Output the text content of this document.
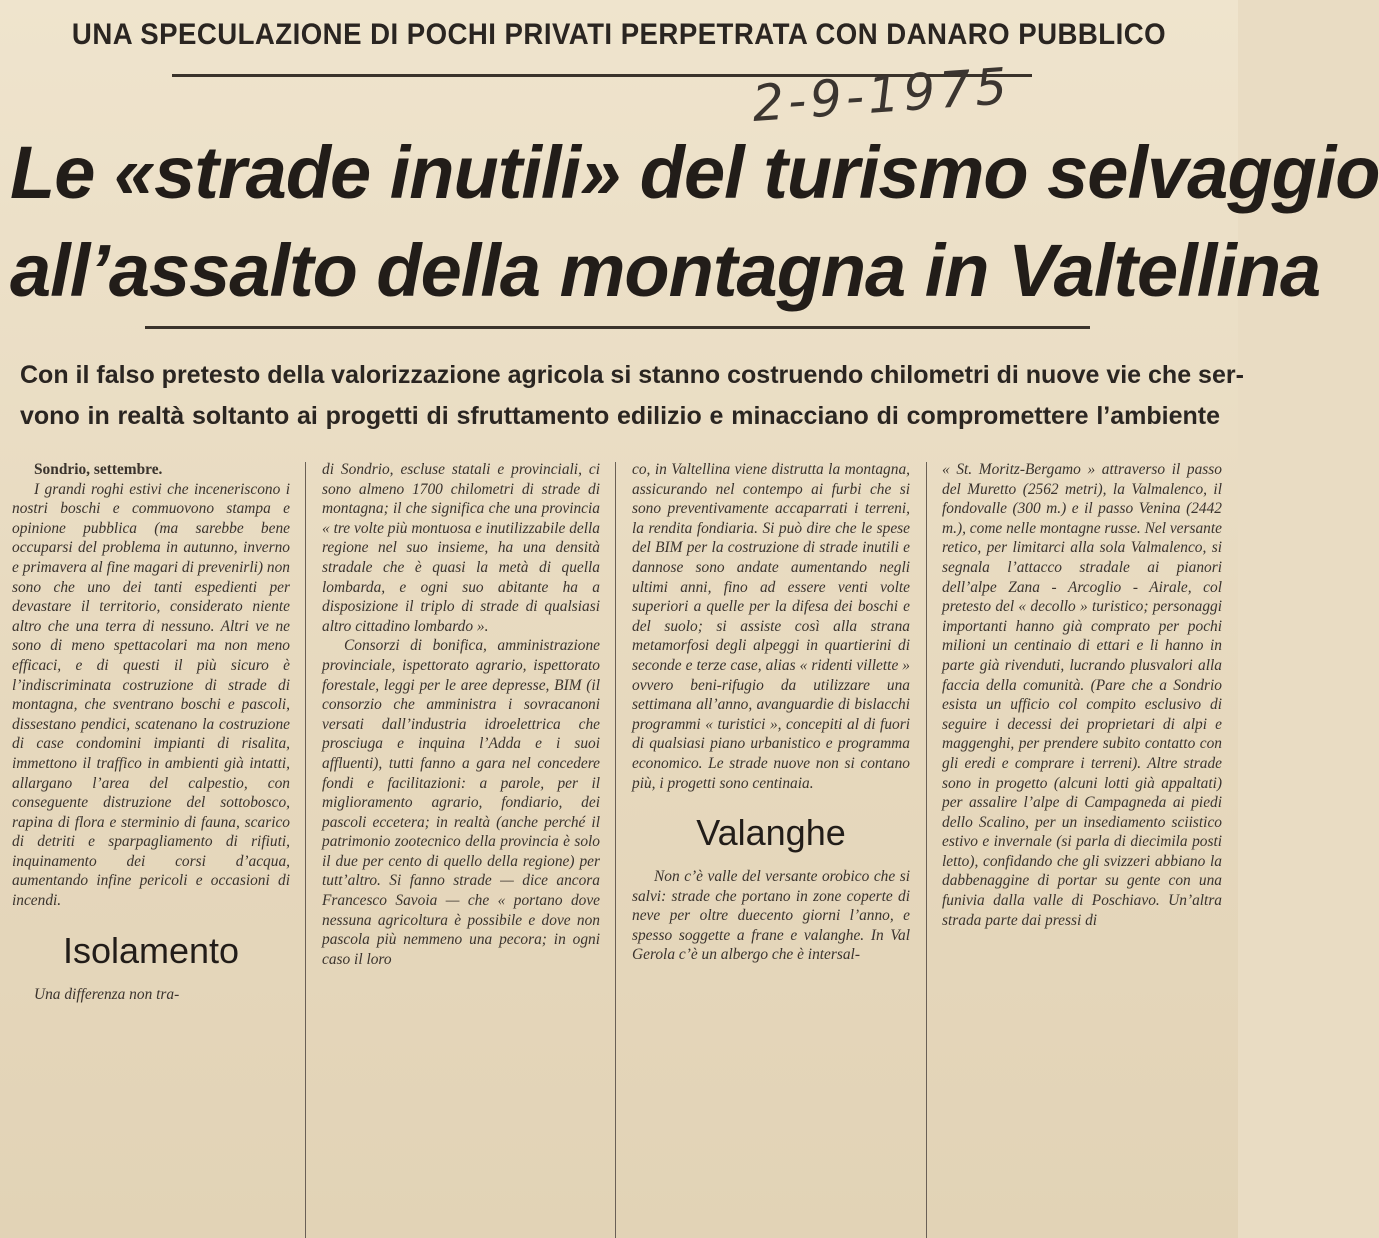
UNA SPECULAZIONE DI POCHI PRIVATI PERPETRATA CON DANARO PUBBLICO
2-9-1975
Le «strade inutili» del turismo selvaggio
all’assalto della montagna in Valtellina
Con il falso pretesto della valorizzazione agricola si stanno costruendo chilometri di nuove vie che ser-
vono in realtà soltanto ai progetti di sfruttamento edilizio e minacciano di compromettere l’ambiente

Sondrio, settembre.

I grandi roghi estivi che inceneriscono i nostri boschi e commuovono stampa e opinione pubblica (ma sarebbe bene occuparsi del problema in autunno, inverno e primavera al fine magari di prevenirli) non sono che uno dei tanti espedienti per devastare il territorio, considerato niente altro che una terra di nessuno. Altri ve ne sono di meno spettacolari ma non meno efficaci, e di questi il più sicuro è l’indiscriminata costruzione di strade di montagna, che sventrano boschi e pascoli, dissestano pendici, scatenano la costruzione di case condomini impianti di risalita, immettono il traffico in ambienti già intatti, allargano l’area del calpestio, con conseguente distruzione del sottobosco, rapina di flora e sterminio di fauna, scarico di detriti e sparpagliamento di rifiuti, inquinamento dei corsi d’acqua, aumentando infine pericoli e occasioni di incendi.

Isolamento

Una differenza non tra-

di Sondrio, escluse statali e provinciali, ci sono almeno 1700 chilometri di strade di montagna; il che significa che una provincia « tre volte più montuosa e inutilizzabile della regione nel suo insieme, ha una densità stradale che è quasi la metà di quella lombarda, e ogni suo abitante ha a disposizione il triplo di strade di qualsiasi altro cittadino lombardo ».

Consorzi di bonifica, amministrazione provinciale, ispettorato agrario, ispettorato forestale, leggi per le aree depresse, BIM (il consorzio che amministra i sovracanoni versati dall’industria idroelettrica che prosciuga e inquina l’Adda e i suoi affluenti), tutti fanno a gara nel concedere fondi e facilitazioni: a parole, per il miglioramento agrario, fondiario, dei pascoli eccetera; in realtà (anche perché il patrimonio zootecnico della provincia è solo il due per cento di quello della regione) per tutt’altro. Si fanno strade — dice ancora Francesco Savoia — che « portano dove nessuna agricoltura è possibile e dove non pascola più nemmeno una pecora; in ogni caso il loro

co, in Valtellina viene distrutta la montagna, assicurando nel contempo ai furbi che si sono preventivamente accaparrati i terreni, la rendita fondiaria. Si può dire che le spese del BIM per la costruzione di strade inutili e dannose sono andate aumentando negli ultimi anni, fino ad essere venti volte superiori a quelle per la difesa dei boschi e del suolo; si assiste così alla strana metamorfosi degli alpeggi in quartierini di seconde e terze case, alias « ridenti villette » ovvero beni-rifugio da utilizzare una settimana all’anno, avanguardie di bislacchi programmi « turistici », concepiti al di fuori di qualsiasi piano urbanistico e programma economico. Le strade nuove non si contano più, i progetti sono centinaia.

Valanghe

Non c’è valle del versante orobico che si salvi: strade che portano in zone coperte di neve per oltre duecento giorni l’anno, e spesso soggette a frane e valanghe. In Val Gerola c’è un albergo che è intersal-

« St. Moritz-Bergamo » attraverso il passo del Muretto (2562 metri), la Valmalenco, il fondovalle (300 m.) e il passo Venina (2442 m.), come nelle montagne russe. Nel versante retico, per limitarci alla sola Valmalenco, si segnala l’attacco stradale ai pianori dell’alpe Zana - Arcoglio - Airale, col pretesto del « decollo » turistico; personaggi importanti hanno già comprato per pochi milioni un centinaio di ettari e li hanno in parte già rivenduti, lucrando plusvalori alla faccia della comunità. (Pare che a Sondrio esista un ufficio col compito esclusivo di seguire i decessi dei proprietari di alpi e maggenghi, per prendere subito contatto con gli eredi e comprare i terreni). Altre strade sono in progetto (alcuni lotti già appaltati) per assalire l’alpe di Campagneda ai piedi dello Scalino, per un insediamento sciistico estivo e invernale (si parla di diecimila posti letto), confidando che gli svizzeri abbiano la dabbenaggine di portar su gente con una funivia dalla valle di Poschiavo. Un’altra strada parte dai pressi di
